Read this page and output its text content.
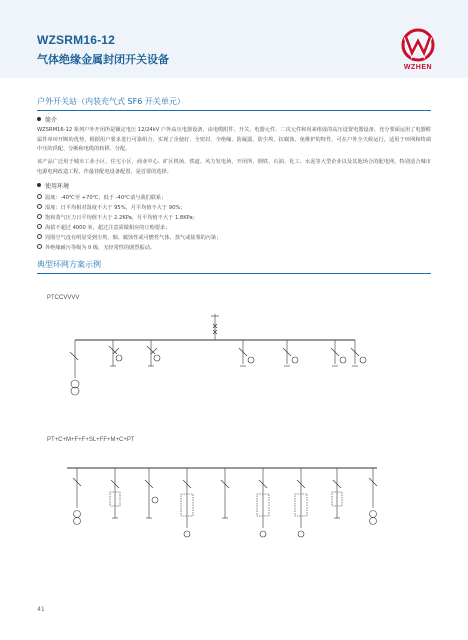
WZSRM16-12
气体绝缘金属封闭开关设备
WZHEN
户外开关站（内装充气式 SF6 开关单元）
简介
WZSRM16-12 系列户外开闭所是额定电压 12/24kV 户外高压电器设备，由电缆附件、开关、电器元件、二次元件和用来组成的高压设置电器设备。充分要面运用了电器附属件单环开断的优势，根据用户要求进行可靠组合，实现了企使好、全密封、全绝缘、防凝露、防尘埃、抗腐蚀、免维护的特性，可在户外全天候运行，适用于环网和终端中压的供配、分断和电缆的转移、分配。
该产品广泛用于城市工业小区、住宅小区、商业中心、矿区机场、铁道、风力发电场、开闭所、钢铁、石油、化工、水泥等大型企业以及其他场合的配电网，特别适合城市电源电网改造工程，作最佳配电设备配置，是首要的选择。
使用环境
温度：-40℃至 +70℃，低于 -40℃请与我们联系；
湿度：日平均相对湿度不大于 95%，月平均值不大于 90%；
饱和蒸气压力日平均值不大于 2.2KPa，月平均值不大于 1.8KPa；
海拔不超过 4000 米，超过注意需做相应的订购要求；
周围空气没有明显受到尘埃、烟、腐蚀性或可燃性气体、蒸气或盐雾的污染；
外绝缘耐污等级为 II 级，无经常性的剧烈振动。
典型环网方案示例
PTCCVVVV
PT+C+M+F+F+SL+FF+M+C+PT
41
